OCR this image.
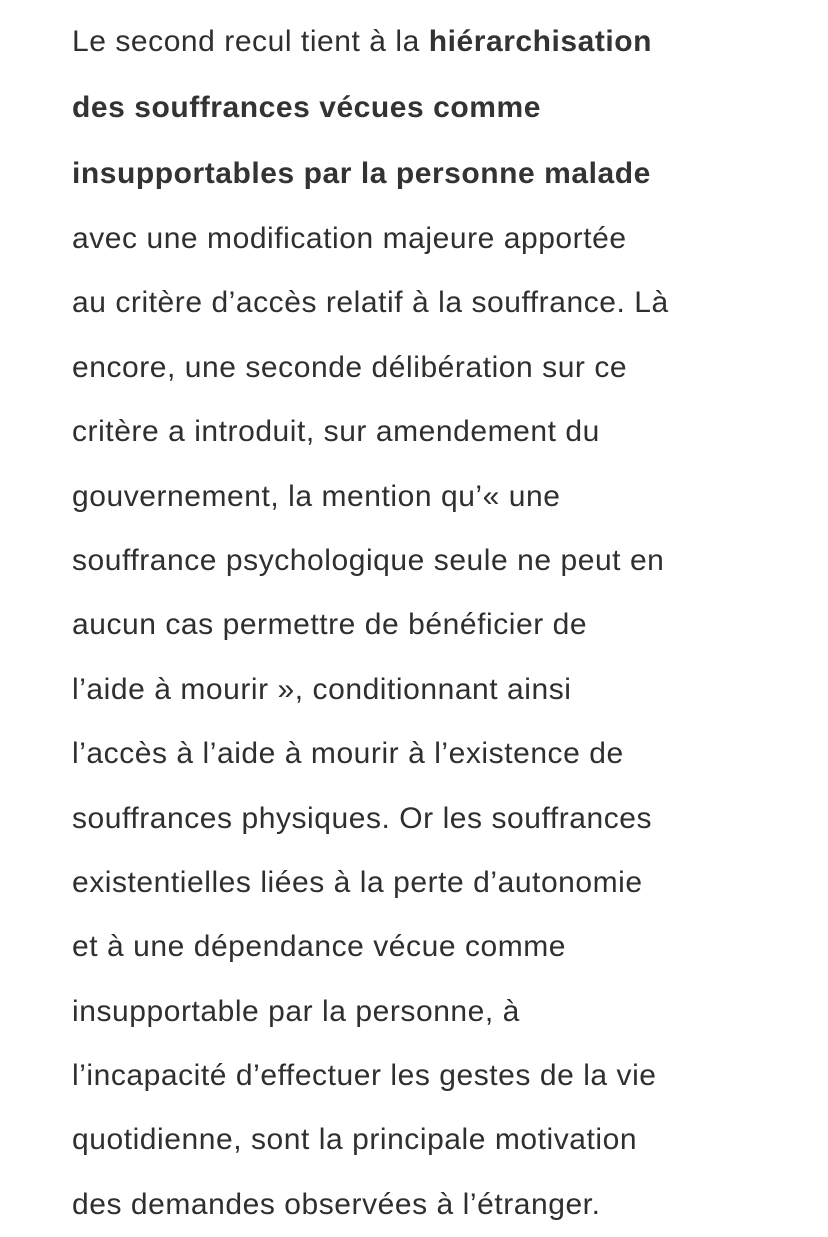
Le second recul tient à la hiérarchisation
des souffrances vécues comme
insupportables par la personne malade
avec une modification majeure apportée
au critère d’accès relatif à la souffrance. Là
encore, une seconde délibération sur ce
critère a introduit, sur amendement du
gouvernement, la mention qu’« une
souffrance psychologique seule ne peut en
aucun cas permettre de bénéficier de
l’aide à mourir », conditionnant ainsi
l’accès à l’aide à mourir à l’existence de
souffrances physiques. Or les souffrances
existentielles liées à la perte d’autonomie
et à une dépendance vécue comme
insupportable par la personne, à
l’incapacité d’effectuer les gestes de la vie
quotidienne, sont la principale motivation
des demandes observées à l’étranger.
